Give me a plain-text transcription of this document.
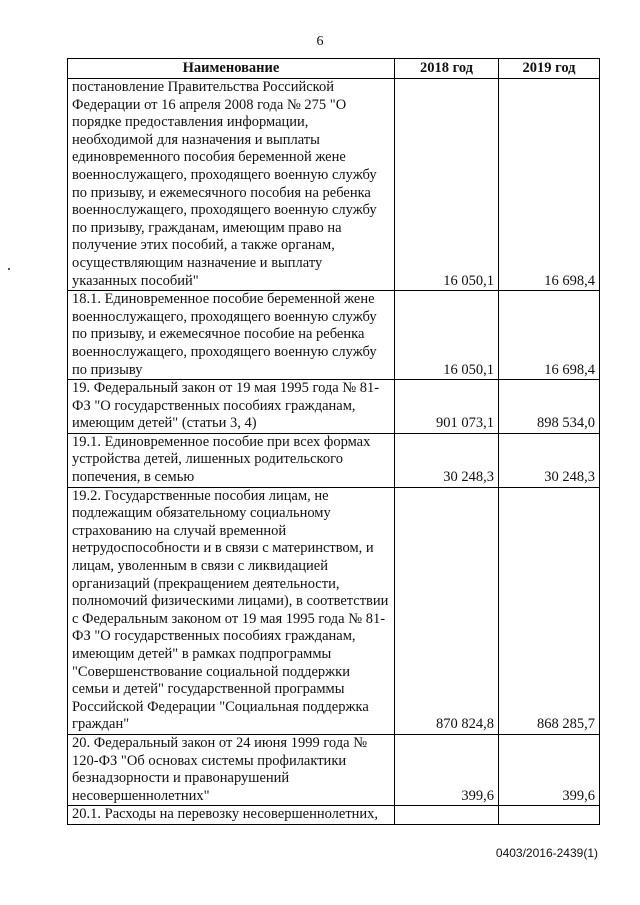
6
Наименование	2018 год	2019 год
постановление Правительства Российской Федерации от 16 апреля 2008 года № 275 "О порядке предоставления информации, необходимой для назначения и выплаты единовременного пособия беременной жене военнослужащего, проходящего военную службу по призыву, и ежемесячного пособия на ребенка военнослужащего, проходящего военную службу по призыву, гражданам, имеющим право на получение этих пособий, а также органам, осуществляющим назначение и выплату указанных пособий"	16 050,1	16 698,4
18.1. Единовременное пособие беременной жене военнослужащего, проходящего военную службу по призыву, и ежемесячное пособие на ребенка военнослужащего, проходящего военную службу по призыву	16 050,1	16 698,4
19. Федеральный закон от 19 мая 1995 года № 81-ФЗ "О государственных пособиях гражданам, имеющим детей" (статьи 3, 4)	901 073,1	898 534,0
19.1. Единовременное пособие при всех формах устройства детей, лишенных родительского попечения, в семью	30 248,3	30 248,3
19.2. Государственные пособия лицам, не подлежащим обязательному социальному страхованию на случай временной нетрудоспособности и в связи с материнством, и лицам, уволенным в связи с ликвидацией организаций (прекращением деятельности, полномочий физическими лицами), в соответствии с Федеральным законом от 19 мая 1995 года № 81-ФЗ "О государственных пособиях гражданам, имеющим детей" в рамках подпрограммы "Совершенствование социальной поддержки семьи и детей" государственной программы Российской Федерации "Социальная поддержка граждан"	870 824,8	868 285,7
20. Федеральный закон от 24 июня 1999 года № 120-ФЗ "Об основах системы профилактики безнадзорности и правонарушений несовершеннолетних"	399,6	399,6
20.1. Расходы на перевозку несовершеннолетних,		
0403/2016-2439(1)
